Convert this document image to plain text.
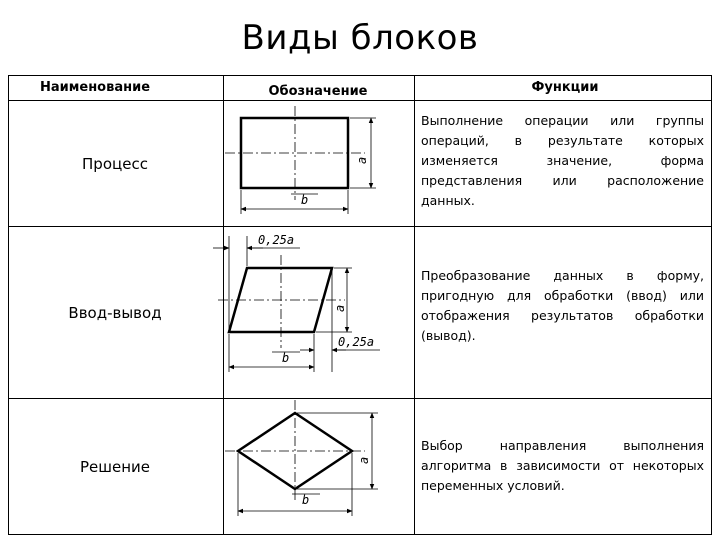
Виды блоков
Наименование	Обозначение	Функции
Процесс
Ввод-вывод
Решение
Выполнение операции или группы операций, в результате которых изменяется значение, форма представления или расположение данных.
Преобразование данных в форму, пригодную для обработки (ввод) или отображения результатов обработки (вывод).
Выбор направления выполнения алгоритма в зависимости от некоторых переменных условий.
b
a
0,25a
a
0,25a
b
a
b
